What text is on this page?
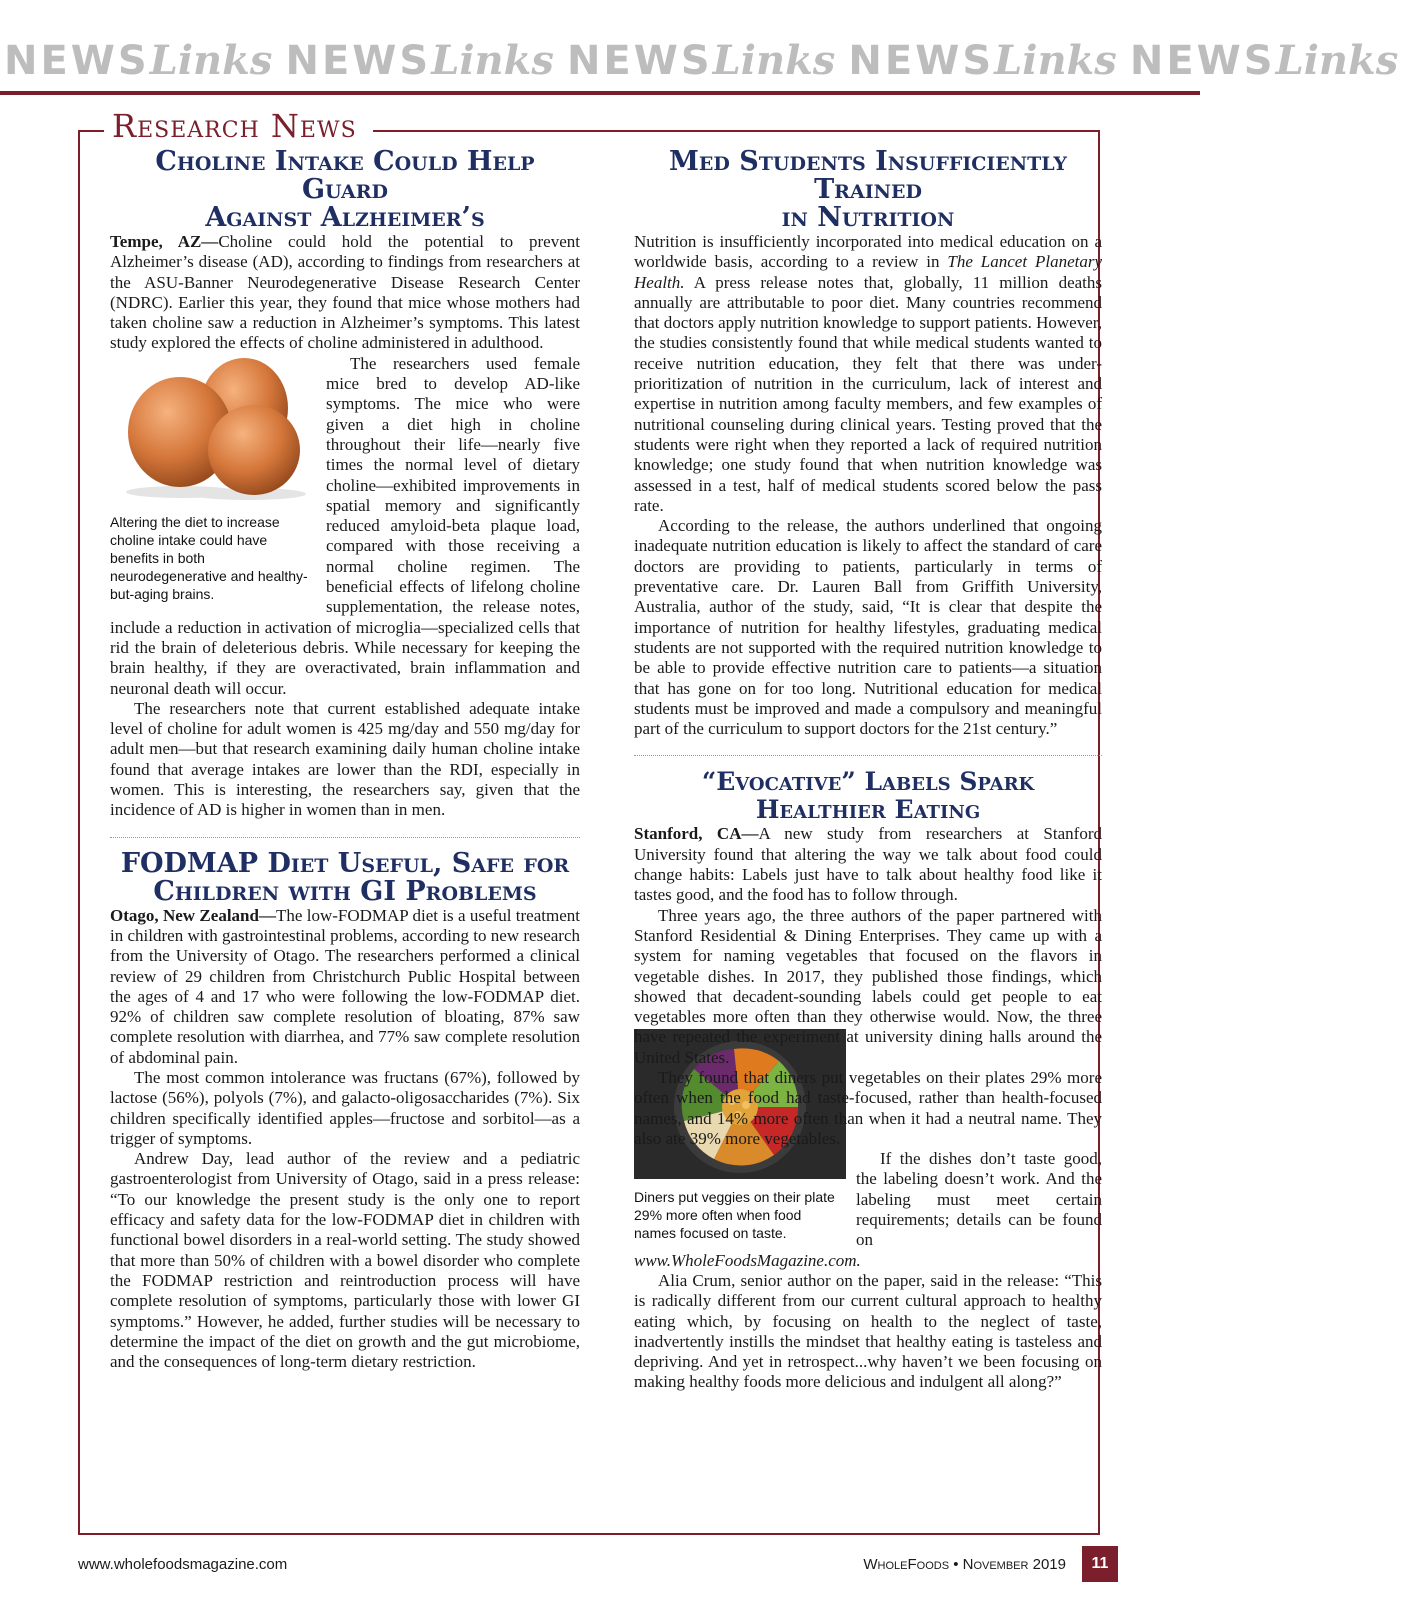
NEWSLinks NEWSLinks NEWSLinks NEWSLinks NEWSLinks
Research News
Choline Intake Could Help Guard
Against Alzheimer’s

Tempe, AZ—Choline could hold the potential to prevent Alzheimer’s disease (AD), according to findings from researchers at the ASU-Banner Neurodegenerative Disease Research Center (NDRC). Earlier this year, they found that mice whose mothers had taken choline saw a reduction in Alzheimer’s symptoms. This latest study explored the effects of choline administered in adulthood.

Altering the diet to increase choline intake could have benefits in both neurodegenerative and healthy-but-aging brains.

The researchers used female mice bred to develop AD-like symptoms. The mice who were given a diet high in choline throughout their life—nearly five times the normal level of dietary choline—exhibited improvements in spatial memory and significantly reduced amyloid-beta plaque load, compared with those receiving a normal choline regimen. The beneficial effects of lifelong choline supplementation, the release notes, include a reduction in activation of microglia—specialized cells that rid the brain of deleterious debris. While necessary for keeping the brain healthy, if they are overactivated, brain inflammation and neuronal death will occur.

The researchers note that current established adequate intake level of choline for adult women is 425 mg/day and 550 mg/day for adult men—but that research examining daily human choline intake found that average intakes are lower than the RDI, especially in women. This is interesting, the researchers say, given that the incidence of AD is higher in women than in men.

FODMAP Diet Useful, Safe for
Children with GI Problems

Otago, New Zealand—The low-FODMAP diet is a useful treatment in children with gastrointestinal problems, according to new research from the University of Otago. The researchers performed a clinical review of 29 children from Christchurch Public Hospital between the ages of 4 and 17 who were following the low-FODMAP diet. 92% of children saw complete resolution of bloating, 87% saw complete resolution with diarrhea, and 77% saw complete resolution of abdominal pain.

The most common intolerance was fructans (67%), followed by lactose (56%), polyols (7%), and galacto-oligosaccharides (7%). Six children specifically identified apples—fructose and sorbitol—as a trigger of symptoms.

Andrew Day, lead author of the review and a pediatric gastroenterologist from University of Otago, said in a press release: “To our knowledge the present study is the only one to report efficacy and safety data for the low-FODMAP diet in children with functional bowel disorders in a real-world setting. The study showed that more than 50% of children with a bowel disorder who complete the FODMAP restriction and reintroduction process will have complete resolution of symptoms, particularly those with lower GI symptoms.” However, he added, further studies will be necessary to determine the impact of the diet on growth and the gut microbiome, and the consequences of long-term dietary restriction.

Med Students Insufficiently Trained
in Nutrition

Nutrition is insufficiently incorporated into medical education on a worldwide basis, according to a review in The Lancet Planetary Health. A press release notes that, globally, 11 million deaths annually are attributable to poor diet. Many countries recommend that doctors apply nutrition knowledge to support patients. However, the studies consistently found that while medical students wanted to receive nutrition education, they felt that there was under-prioritization of nutrition in the curriculum, lack of interest and expertise in nutrition among faculty members, and few examples of nutritional counseling during clinical years. Testing proved that the students were right when they reported a lack of required nutrition knowledge; one study found that when nutrition knowledge was assessed in a test, half of medical students scored below the pass rate.

According to the release, the authors underlined that ongoing inadequate nutrition education is likely to affect the standard of care doctors are providing to patients, particularly in terms of preventative care. Dr. Lauren Ball from Griffith University, Australia, author of the study, said, “It is clear that despite the importance of nutrition for healthy lifestyles, graduating medical students are not supported with the required nutrition knowledge to be able to provide effective nutrition care to patients—a situation that has gone on for too long. Nutritional education for medical students must be improved and made a compulsory and meaningful part of the curriculum to support doctors for the 21st century.”

“Evocative” Labels Spark Healthier Eating

Stanford, CA—A new study from researchers at Stanford University found that altering the way we talk about food could change habits: Labels just have to talk about healthy food like it tastes good, and the food has to follow through.

Three years ago, the three authors of the paper partnered with Stanford Residential & Dining Enterprises. They came up with a system for naming vegetables that focused on the flavors in vegetable dishes. In 2017, they published those findings, which showed that decadent-sounding labels could get people to eat vegetables more often than they otherwise would. Now, the three have repeated the experiment at university dining halls around the United States.

They found that diners put vegetables on their plates 29% more often when the food had taste-focused, rather than health-focused names, and 14% more often than when it had a neutral name. They also ate 39% more vegetables.

Diners put veggies on their plate 29% more often when food names focused on taste.

If the dishes don’t taste good, the labeling doesn’t work. And the labeling must meet certain requirements; details can be found on www.WholeFoodsMagazine.com.

Alia Crum, senior author on the paper, said in the release: “This is radically different from our current cultural approach to healthy eating which, by focusing on health to the neglect of taste, inadvertently instills the mindset that healthy eating is tasteless and depriving. And yet in retrospect...why haven’t we been focusing on making healthy foods more delicious and indulgent all along?”

www.wholefoodsmagazine.com	WholeFoods • November 2019	11
